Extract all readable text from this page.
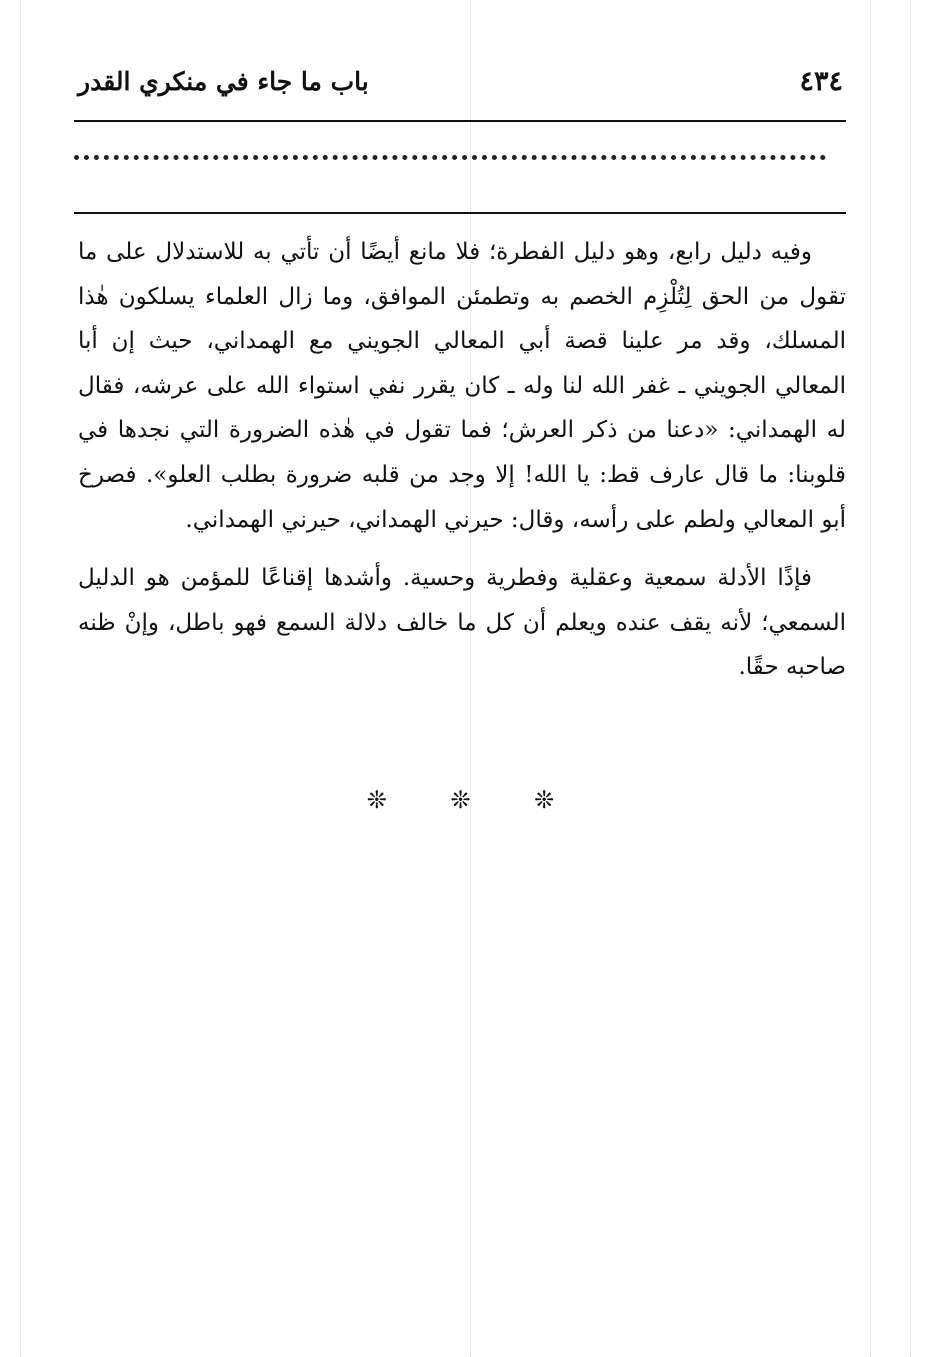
٤٣٤
باب ما جاء في منكري القدر

وفيه دليل رابع، وهو دليل الفطرة؛ فلا مانع أيضًا أن تأتي به للاستدلال على ما تقول من الحق لِتُلْزِم الخصم به وتطمئن الموافق، وما زال العلماء يسلكون هٰذا المسلك، وقد مر علينا قصة أبي المعالي الجويني مع الهمداني، حيث إن أبا المعالي الجويني ـ غفر الله لنا وله ـ كان يقرر نفي استواء الله على عرشه، فقال له الهمداني: «دعنا من ذكر العرش؛ فما تقول في هٰذه الضرورة التي نجدها في قلوبنا: ما قال عارف قط: يا الله! إلا وجد من قلبه ضرورة بطلب العلو». فصرخ أبو المعالي ولطم على رأسه، وقال: حيرني الهمداني، حيرني الهمداني.

فإذًا الأدلة سمعية وعقلية وفطرية وحسية. وأشدها إقناعًا للمؤمن هو الدليل السمعي؛ لأنه يقف عنده ويعلم أن كل ما خالف دلالة السمع فهو باطل، وإنْ ظنه صاحبه حقًا.

❊ ❊ ❊
